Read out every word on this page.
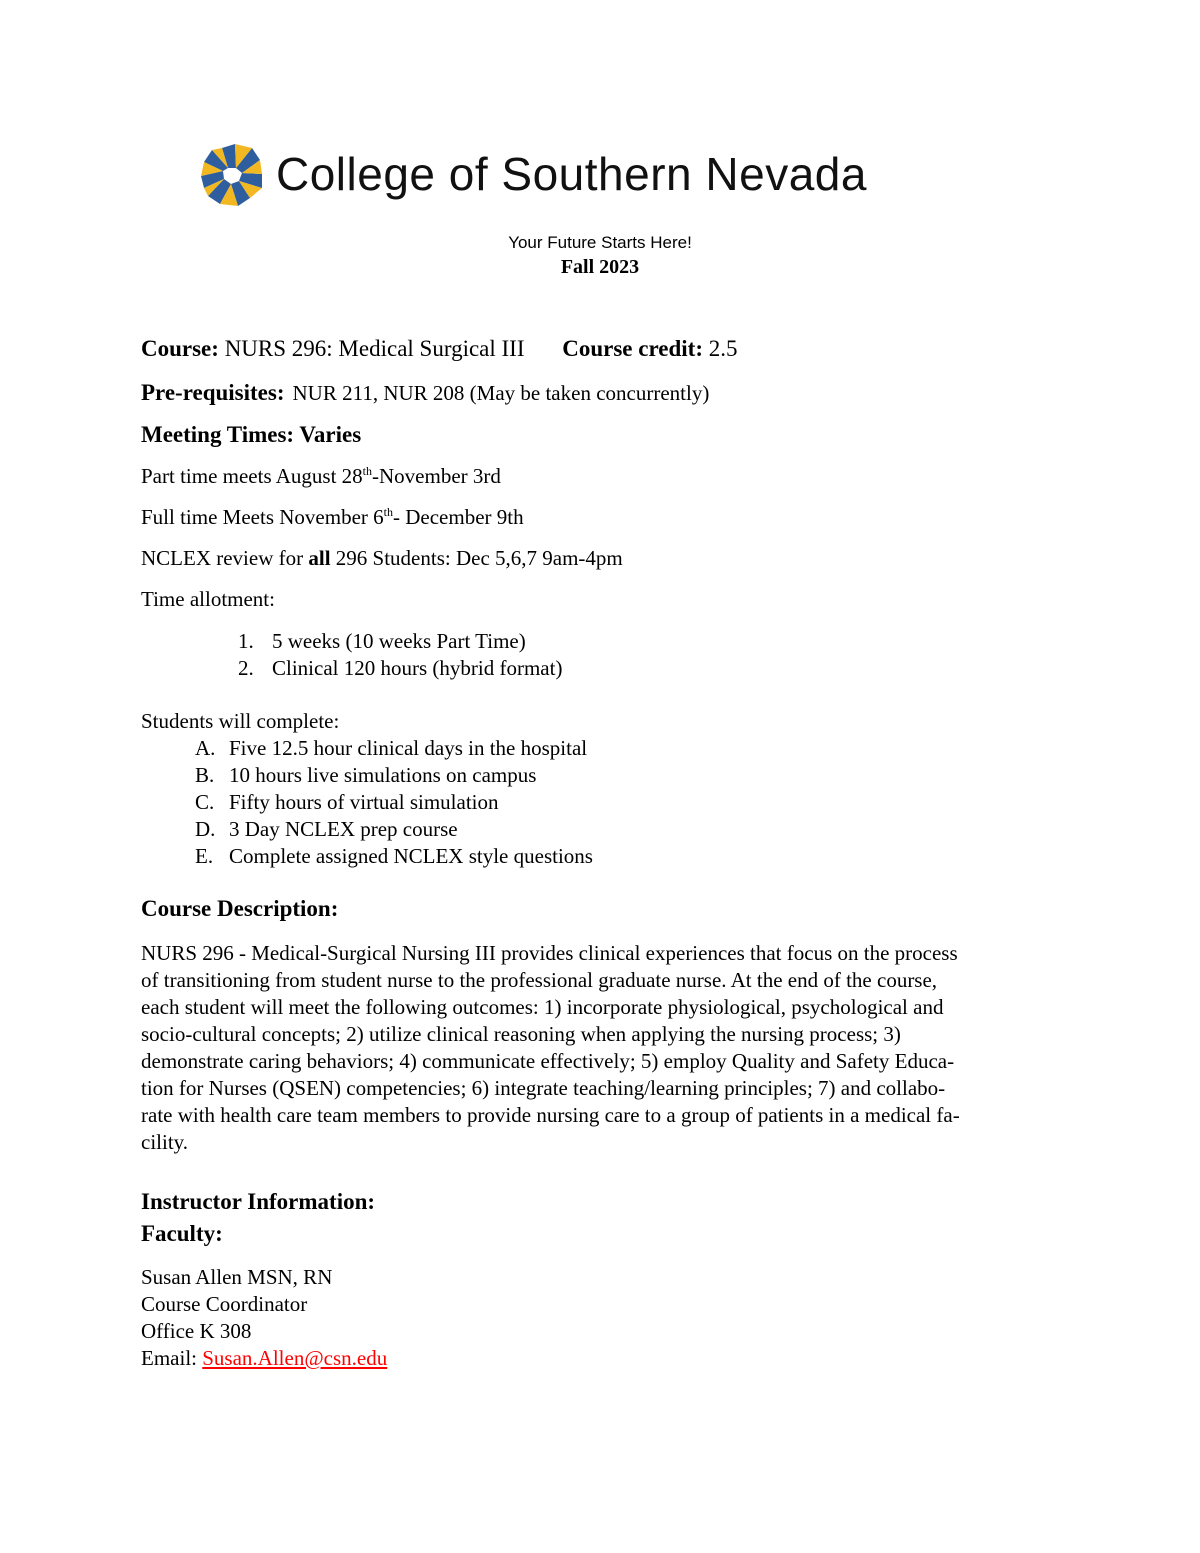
College of Southern Nevada
Your Future Starts Here!
Fall 2023
Course: NURS 296: Medical Surgical III Course credit: 2.5
Pre-requisites: NUR 211, NUR 208 (May be taken concurrently)
Meeting Times: Varies
Part time meets August 28th-November 3rd
Full time Meets November 6th- December 9th
NCLEX review for all 296 Students: Dec 5,6,7 9am-4pm
Time allotment:
1. 5 weeks (10 weeks Part Time)
2. Clinical 120 hours (hybrid format)
Students will complete:
A. Five 12.5 hour clinical days in the hospital
B. 10 hours live simulations on campus
C. Fifty hours of virtual simulation
D. 3 Day NCLEX prep course
E. Complete assigned NCLEX style questions
Course Description:
NURS 296 - Medical-Surgical Nursing III provides clinical experiences that focus on the process
of transitioning from student nurse to the professional graduate nurse. At the end of the course,
each student will meet the following outcomes: 1) incorporate physiological, psychological and
socio-cultural concepts; 2) utilize clinical reasoning when applying the nursing process; 3)
demonstrate caring behaviors; 4) communicate effectively; 5) employ Quality and Safety Educa-
tion for Nurses (QSEN) competencies; 6) integrate teaching/learning principles; 7) and collabo-
rate with health care team members to provide nursing care to a group of patients in a medical fa-
cility.
Instructor Information:
Faculty:
Susan Allen MSN, RN
Course Coordinator
Office K 308
Email: Susan.Allen@csn.edu
